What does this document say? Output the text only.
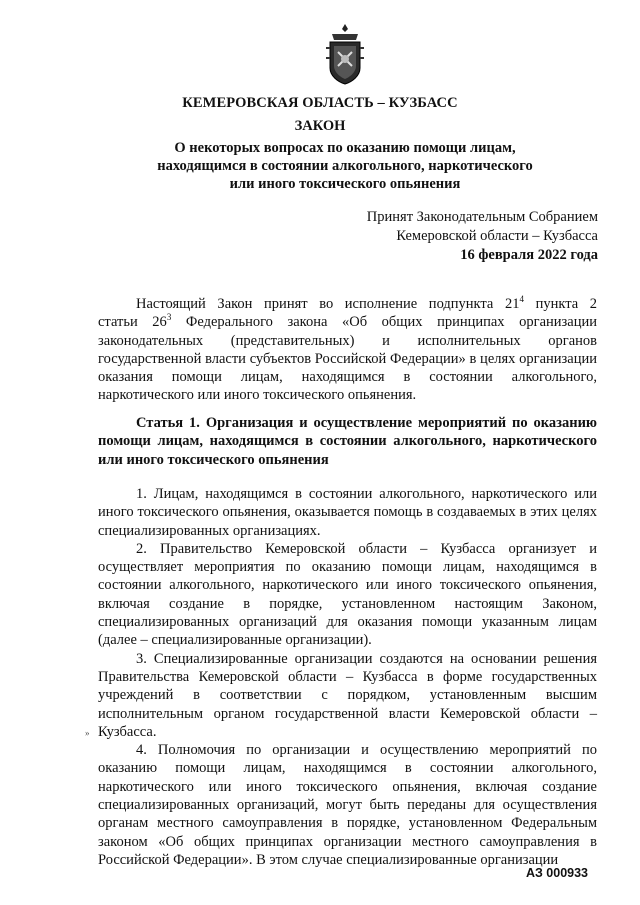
КЕМЕРОВСКАЯ ОБЛАСТЬ – КУЗБАСС
ЗАКОН
О некоторых вопросах по оказанию помощи лицам,
находящимся в состоянии алкогольного, наркотического
или иного токсического опьянения
Принят Законодательным Собранием
Кемеровской области – Кузбасса
16 февраля 2022 года

Настоящий Закон принят во исполнение подпункта $21^4$ пункта 2

статьи $26^3$ Федерального закона «Об общих принципах организации

законодательных (представительных) и исполнительных органов государственной власти субъектов Российской Федерации» в целях организации оказания помощи лицам, находящимся в состоянии алкогольного, наркотического или иного токсического опьянения.

Статья 1. Организация и осуществление мероприятий по оказанию помощи лицам, находящимся в состоянии алкогольного, наркотического или иного токсического опьянения

1. Лицам, находящимся в состоянии алкогольного, наркотического или иного токсического опьянения, оказывается помощь в создаваемых в этих целях специализированных организациях.

2. Правительство Кемеровской области – Кузбасса организует и осуществляет мероприятия по оказанию помощи лицам, находящимся в состоянии алкогольного, наркотического или иного токсического опьянения, включая создание в порядке, установленном настоящим Законом, специализированных организаций для оказания помощи указанным лицам (далее – специализированные организации).

3. Специализированные организации создаются на основании решения Правительства Кемеровской области – Кузбасса в форме государственных учреждений в соответствии с порядком, установленным высшим исполнительным органом государственной власти Кемеровской области – Кузбасса.

4. Полномочия по организации и осуществлению мероприятий по оказанию помощи лицам, находящимся в состоянии алкогольного, наркотического или иного токсического опьянения, включая создание специализированных организаций, могут быть переданы для осуществления органам местного самоуправления в порядке, установленном Федеральным законом «Об общих принципах организации местного самоуправления в Российской Федерации». В этом случае специализированные организации

»
АЗ 000933
